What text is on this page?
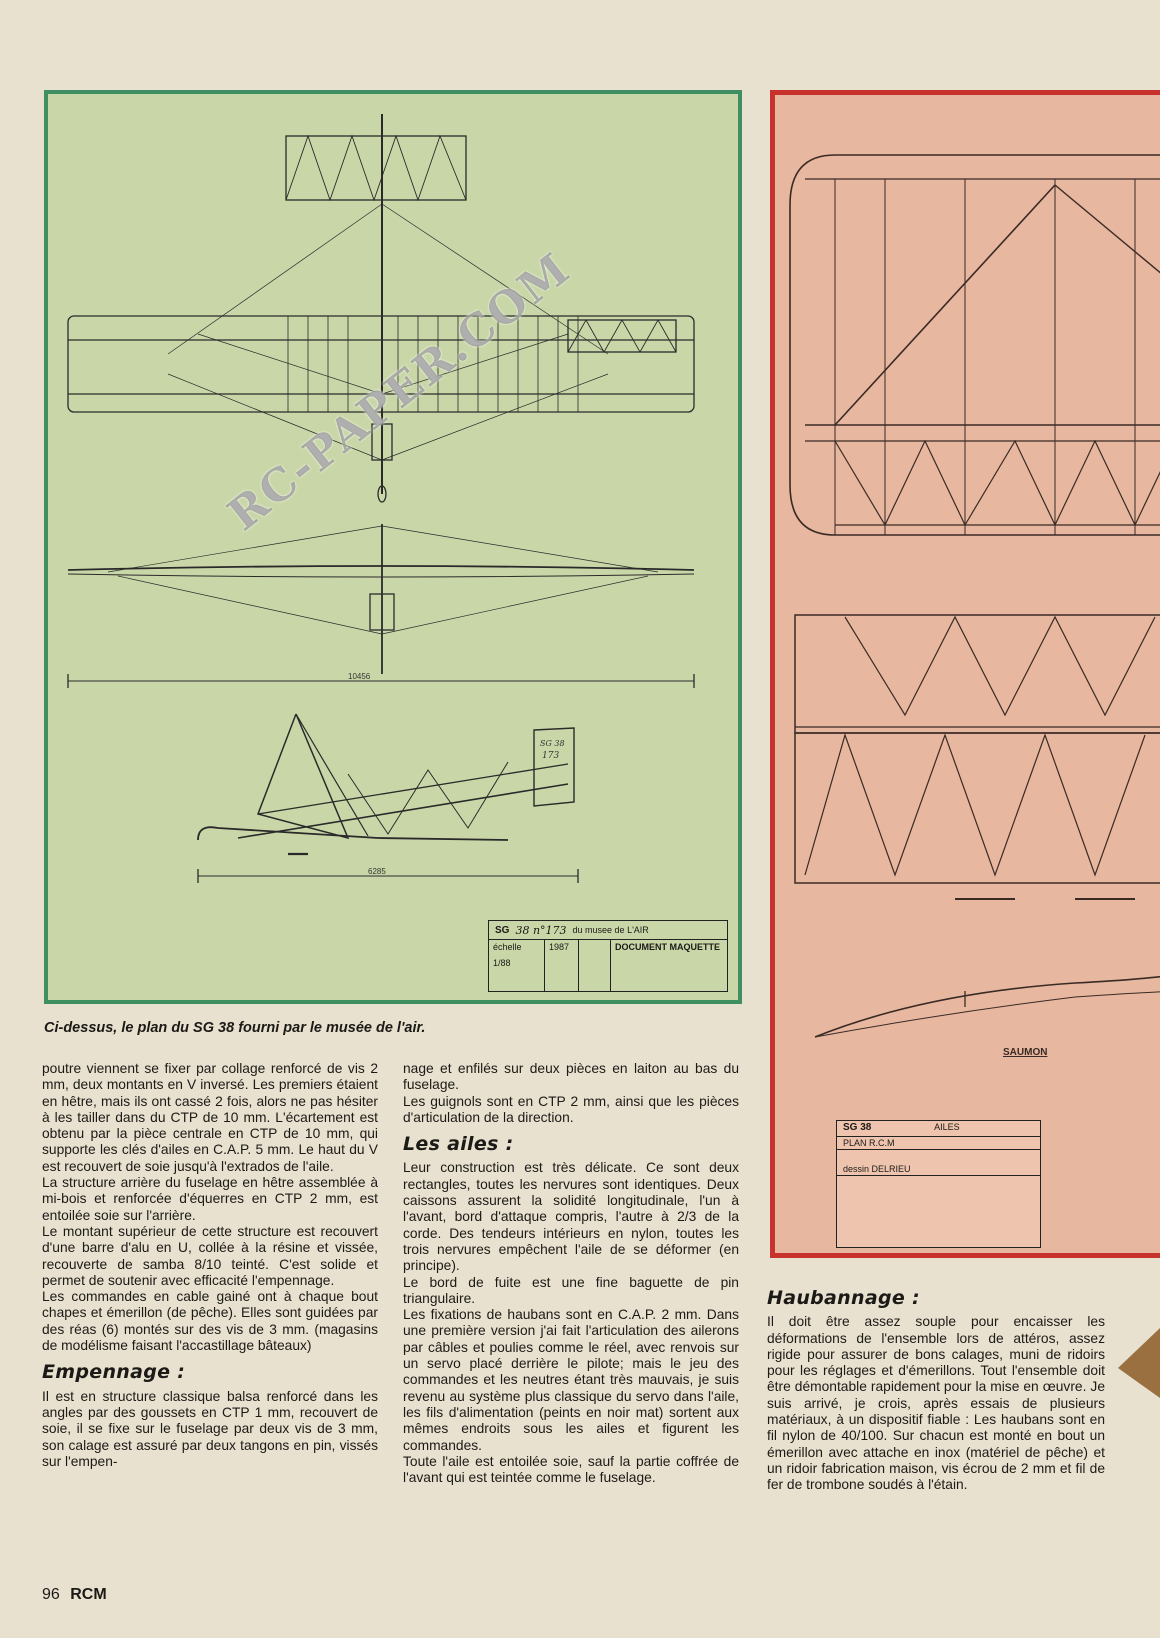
10456
6285
SG 38
173
RC-PAPER.COM
SG 38 n°173 du musee de L'AIR
échelle
1/88
1987	DOCUMENT MAQUETTE
SAUMON
SG 38	AILES
PLAN R.C.M
dessin DELRIEU
Ci-dessus, le plan du SG 38 fourni par le musée de l'air.

poutre viennent se fixer par collage renforcé de vis 2 mm, deux montants en V inversé. Les premiers étaient en hêtre, mais ils ont cassé 2 fois, alors ne pas hésiter à les tailler dans du CTP de 10 mm. L'écartement est obtenu par la pièce centrale en CTP de 10 mm, qui supporte les clés d'ailes en C.A.P. 5 mm. Le haut du V est recouvert de soie jusqu'à l'extrados de l'aile.

La structure arrière du fuselage en hêtre assemblée à mi-bois et renforcée d'équerres en CTP 2 mm, est entoilée soie sur l'arrière.

Le montant supérieur de cette structure est recouvert d'une barre d'alu en U, collée à la résine et vissée, recouverte de samba 8/10 teinté. C'est solide et permet de soutenir avec efficacité l'empennage.

Les commandes en cable gainé ont à chaque bout chapes et émerillon (de pêche). Elles sont guidées par des réas (6) montés sur des vis de 3 mm. (magasins de modélisme faisant l'accastillage bâteaux)

Empennage :

Il est en structure classique balsa renforcé dans les angles par des goussets en CTP 1 mm, recouvert de soie, il se fixe sur le fuselage par deux vis de 3 mm, son calage est assuré par deux tangons en pin, vissés sur l'empen-

nage et enfilés sur deux pièces en laiton au bas du fuselage.

Les guignols sont en CTP 2 mm, ainsi que les pièces d'articulation de la direction.

Les ailes :

Leur construction est très délicate. Ce sont deux rectangles, toutes les nervures sont identiques. Deux caissons assurent la solidité longitudinale, l'un à l'avant, bord d'attaque compris, l'autre à 2/3 de la corde. Des tendeurs intérieurs en nylon, toutes les trois nervures empêchent l'aile de se déformer (en principe).

Le bord de fuite est une fine baguette de pin triangulaire.

Les fixations de haubans sont en C.A.P. 2 mm. Dans une première version j'ai fait l'articulation des ailerons par câbles et poulies comme le réel, avec renvois sur un servo placé derrière le pilote; mais le jeu des commandes et les neutres étant très mauvais, je suis revenu au système plus classique du servo dans l'aile, les fils d'alimentation (peints en noir mat) sortent aux mêmes endroits sous les ailes et figurent les commandes.

Toute l'aile est entoilée soie, sauf la partie coffrée de l'avant qui est teintée comme le fuselage.

Haubannage :

Il doit être assez souple pour encaisser les déformations de l'ensemble lors de attéros, assez rigide pour assurer de bons calages, muni de ridoirs pour les réglages et d'émerillons. Tout l'ensemble doit être démontable rapidement pour la mise en œuvre. Je suis arrivé, je crois, après essais de plusieurs matériaux, à un dispositif fiable : Les haubans sont en fil nylon de 40/100. Sur chacun est monté en bout un émerillon avec attache en inox (matériel de pêche) et un ridoir fabrication maison, vis écrou de 2 mm et fil de fer de trombone soudés à l'étain.

96 RCM
